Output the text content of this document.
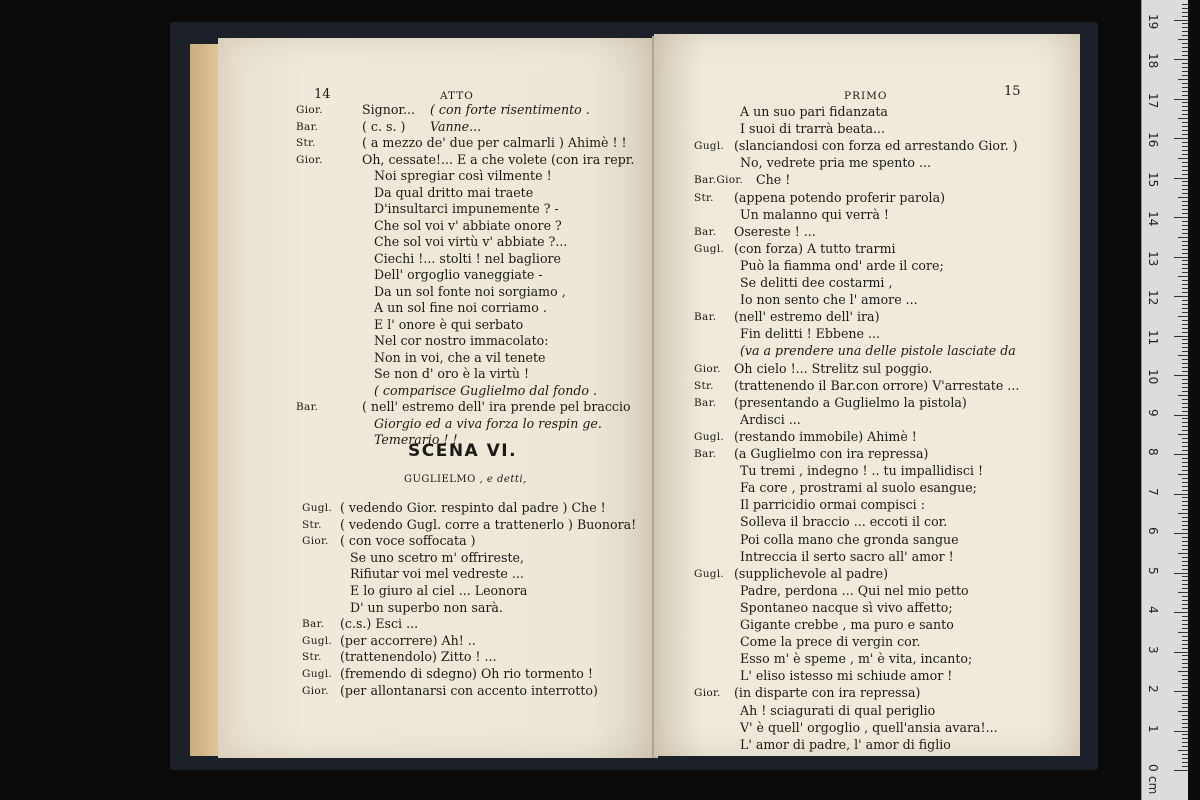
14	ATTO
Gior.	Signor... ( con forte risentimento .
Bar.	( c. s. ) Vanne...
Str.	( a mezzo de' due per calmarli ) Ahimè ! !
Gior.	Oh, cessate!... E a che volete (con ira repr.
Noi spregiar così vilmente !
Da qual dritto mai traete
D'insultarci impunemente ? -
Che sol voi v' abbiate onore ?
Che sol voi virtù v' abbiate ?...
Ciechi !... stolti ! nel bagliore
Dell' orgoglio vaneggiate -
Da un sol fonte noi sorgiamo ,
A un sol fine noi corriamo .
E l' onore è qui serbato
Nel cor nostro immacolato:
Non in voi, che a vil tenete
Se non d' oro è la virtù !
( comparisce Guglielmo dal fondo .
Bar.	( nell' estremo dell' ira prende pel braccio
Giorgio ed a viva forza lo respin ge.
Temerario ! !
SCENA VI.
GUGLIELMO , e detti,
Gugl. ( vedendo Gior. respinto dal padre ) Che !
Str. ( vedendo Gugl. corre a trattenerlo ) Buonora!
Gior. ( con voce soffocata )
Se uno scetro m' offrireste,
Rifiutar voi mel vedreste ...
E lo giuro al ciel ... Leonora
D' un superbo non sarà.
Bar. (c.s.) Esci ...
Gugl. (per accorrere) Ah! ..
Str. (trattenendolo) Zitto ! ...
Gugl. (fremendo di sdegno) Oh rio tormento !
Gior. (per allontanarsi con accento interrotto)
PRIMO	15
A un suo pari fidanzata
I suoi di trarrà beata...
Gugl. (slanciandosi con forza ed arrestando Gior. )
No, vedrete pria me spento ...
Bar.Gior. Che !
Str. (appena potendo proferir parola)
Un malanno qui verrà !
Bar. Osereste ! ...
Gugl. (con forza) A tutto trarmi
Può la fiamma ond' arde il core;
Se delitti dee costarmi ,
Io non sento che l' amore ...
Bar. (nell' estremo dell' ira)
Fin delitti ! Ebbene ...
(va a prendere una delle pistole lasciate da
Gior. Oh cielo !... Strelitz sul poggio.
Str. (trattenendo il Bar.con orrore) V'arrestate ...
Bar. (presentando a Guglielmo la pistola)
Ardisci ...
Gugl. (restando immobile) Ahimè !
Bar. (a Guglielmo con ira repressa)
Tu tremi , indegno ! .. tu impallidisci !
Fa core , prostrami al suolo esangue;
Il parricidio ormai compisci :
Solleva il braccio ... eccoti il cor.
Poi colla mano che gronda sangue
Intreccia il serto sacro all' amor !
Gugl. (supplichevole al padre)
Padre, perdona ... Qui nel mio petto
Spontaneo nacque sì vivo affetto;
Gigante crebbe , ma puro e santo
Come la prece di vergin cor.
Esso m' è speme , m' è vita, incanto;
L' eliso istesso mi schiude amor !
Gior. (in disparte con ira repressa)
Ah ! sciagurati di qual periglio
V' è quell' orgoglio , quell'ansia avara!...
L' amor di padre, l' amor di figlio
0
1
2
3
4
5
6
7
8
9
10
11
12
13
14
15
16
17
18
19
cm
